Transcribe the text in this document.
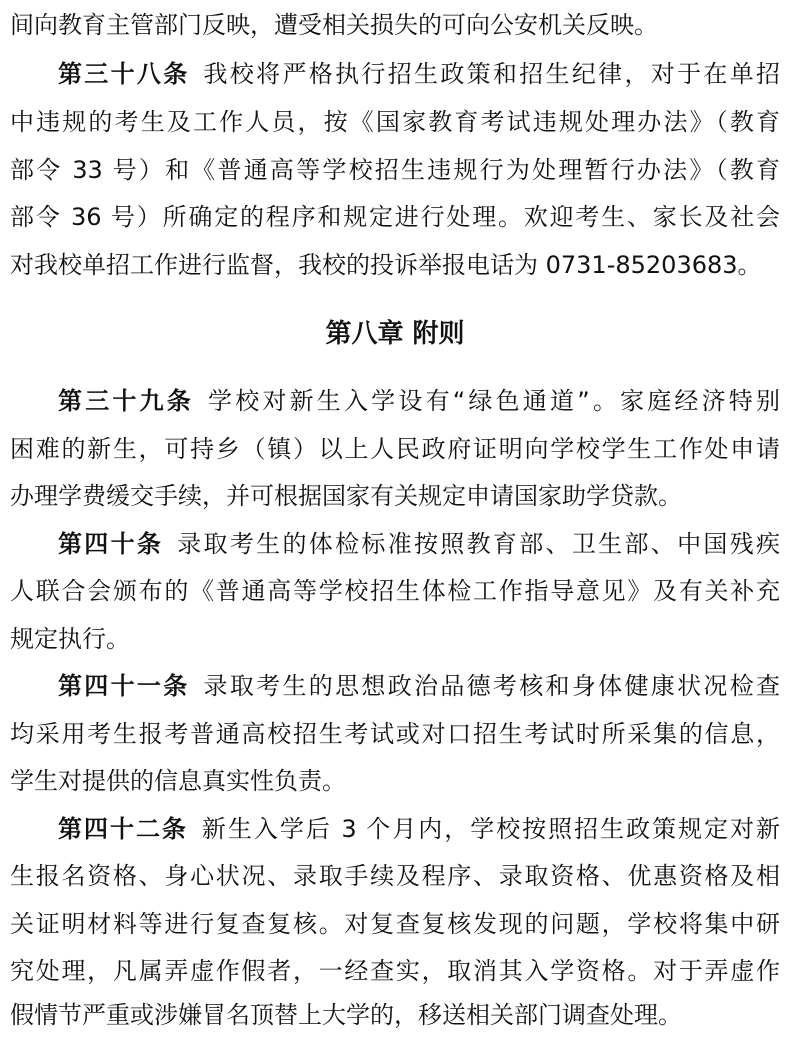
间向教育主管部门反映，遭受相关损失的可向公安机关反映。
第三十八条 我校将严格执行招生政策和招生纪律，对于在单招
中违规的考生及工作人员，按《国家教育考试违规处理办法》（教育
部令 33 号）和《普通高等学校招生违规行为处理暂行办法》（教育
部令 36 号）所确定的程序和规定进行处理。欢迎考生、家长及社会
对我校单招工作进行监督，我校的投诉举报电话为 0731-85203683。
第八章 附则
第三十九条 学校对新生入学设有“绿色通道”。家庭经济特别
困难的新生，可持乡（镇）以上人民政府证明向学校学生工作处申请
办理学费缓交手续，并可根据国家有关规定申请国家助学贷款。
第四十条 录取考生的体检标准按照教育部、卫生部、中国残疾
人联合会颁布的《普通高等学校招生体检工作指导意见》及有关补充
规定执行。
第四十一条 录取考生的思想政治品德考核和身体健康状况检查
均采用考生报考普通高校招生考试或对口招生考试时所采集的信息，
学生对提供的信息真实性负责。
第四十二条 新生入学后 3 个月内，学校按照招生政策规定对新
生报名资格、身心状况、录取手续及程序、录取资格、优惠资格及相
关证明材料等进行复查复核。对复查复核发现的问题，学校将集中研
究处理，凡属弄虚作假者，一经查实，取消其入学资格。对于弄虚作
假情节严重或涉嫌冒名顶替上大学的，移送相关部门调查处理。
